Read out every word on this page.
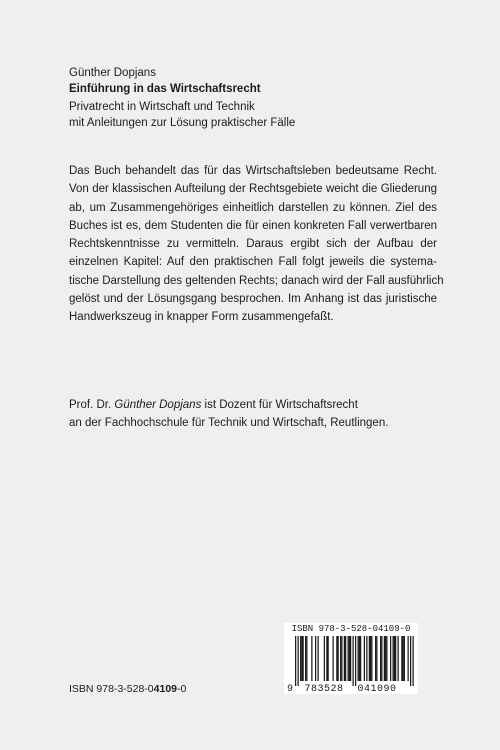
Günther Dopjans
Einführung in das Wirtschaftsrecht
Privatrecht in Wirtschaft und Technik
mit Anleitungen zur Lösung praktischer Fälle
Das Buch behandelt das für das Wirtschaftsleben bedeutsame Recht.
Von der klassischen Aufteilung der Rechtsgebiete weicht die Gliederung
ab, um Zusammengehöriges einheitlich darstellen zu können. Ziel des
Buches ist es, dem Studenten die für einen konkreten Fall verwertbaren
Rechtskenntnisse zu vermitteln. Daraus ergibt sich der Aufbau der
einzelnen Kapitel: Auf den praktischen Fall folgt jeweils die systema-
tische Darstellung des geltenden Rechts; danach wird der Fall ausführlich
gelöst und der Lösungsgang besprochen. Im Anhang ist das juristische
Handwerkszeug in knapper Form zusammengefaßt.
Prof. Dr. Günther Dopjans ist Dozent für Wirtschaftsrecht
an der Fachhochschule für Technik und Wirtschaft, Reutlingen.
ISBN 978-3-528-04109-0
ISBN 978-3-528-04109-0
9 783528 041090
